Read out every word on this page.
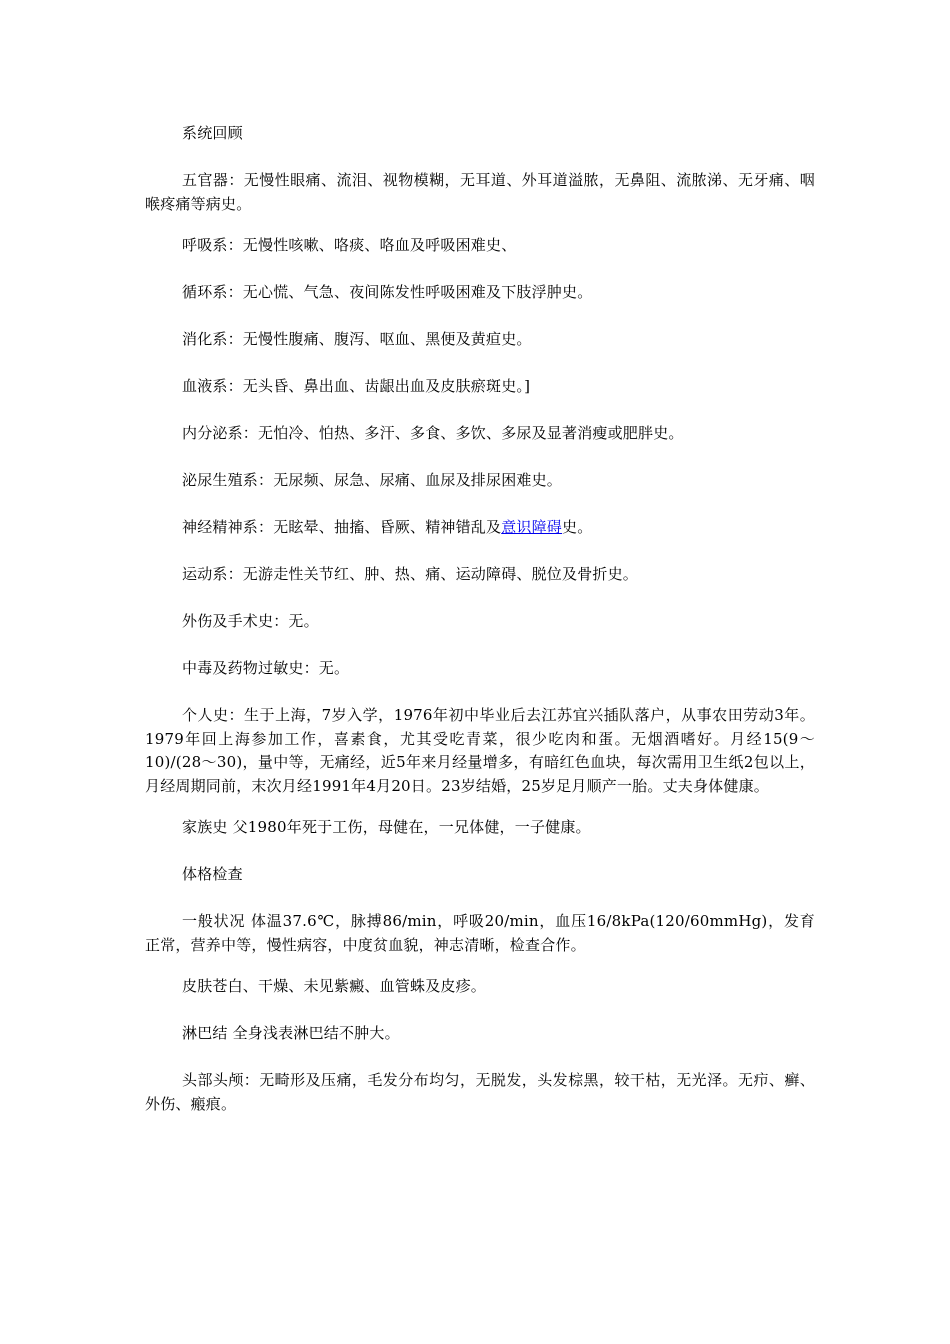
系统回顾

五官器：无慢性眼痛、流泪、视物模糊，无耳道、外耳道溢脓，无鼻阻、流脓涕、无牙痛、咽喉疼痛等病史。

呼吸系：无慢性咳嗽、咯痰、咯血及呼吸困难史、

循环系：无心慌、气急、夜间陈发性呼吸困难及下肢浮肿史。

消化系：无慢性腹痛、腹泻、呕血、黑便及黄疸史。

血液系：无头昏、鼻出血、齿龈出血及皮肤瘀斑史。]

内分泌系：无怕冷、怕热、多汗、多食、多饮、多尿及显著消瘦或肥胖史。

泌尿生殖系：无尿频、尿急、尿痛、血尿及排尿困难史。

神经精神系：无眩晕、抽搐、昏厥、精神错乱及意识障碍史。

运动系：无游走性关节红、肿、热、痛、运动障碍、脱位及骨折史。

外伤及手术史：无。

中毒及药物过敏史：无。

个人史：生于上海，7岁入学，1976年初中毕业后去江苏宜兴插队落户，从事农田劳动3年。1979年回上海参加工作，喜素食，尤其受吃青菜，很少吃肉和蛋。无烟酒嗜好。月经15(9～10)/(28～30)，量中等，无痛经，近5年来月经量增多，有暗红色血块，每次需用卫生纸2包以上，月经周期同前，末次月经1991年4月20日。23岁结婚，25岁足月顺产一胎。丈夫身体健康。

家族史 父1980年死于工伤，母健在，一兄体健，一子健康。

体格检查

一般状况 体温37.6℃，脉搏86/min，呼吸20/min，血压16/8kPa(120/60mmHg)，发育正常，营养中等，慢性病容，中度贫血貌，神志清晰，检查合作。

皮肤苍白、干燥、未见紫癜、血管蛛及皮疹。

淋巴结 全身浅表淋巴结不肿大。

头部头颅：无畸形及压痛，毛发分布均匀，无脱发，头发棕黑，较干枯，无光泽。无疖、癣、外伤、瘢痕。
